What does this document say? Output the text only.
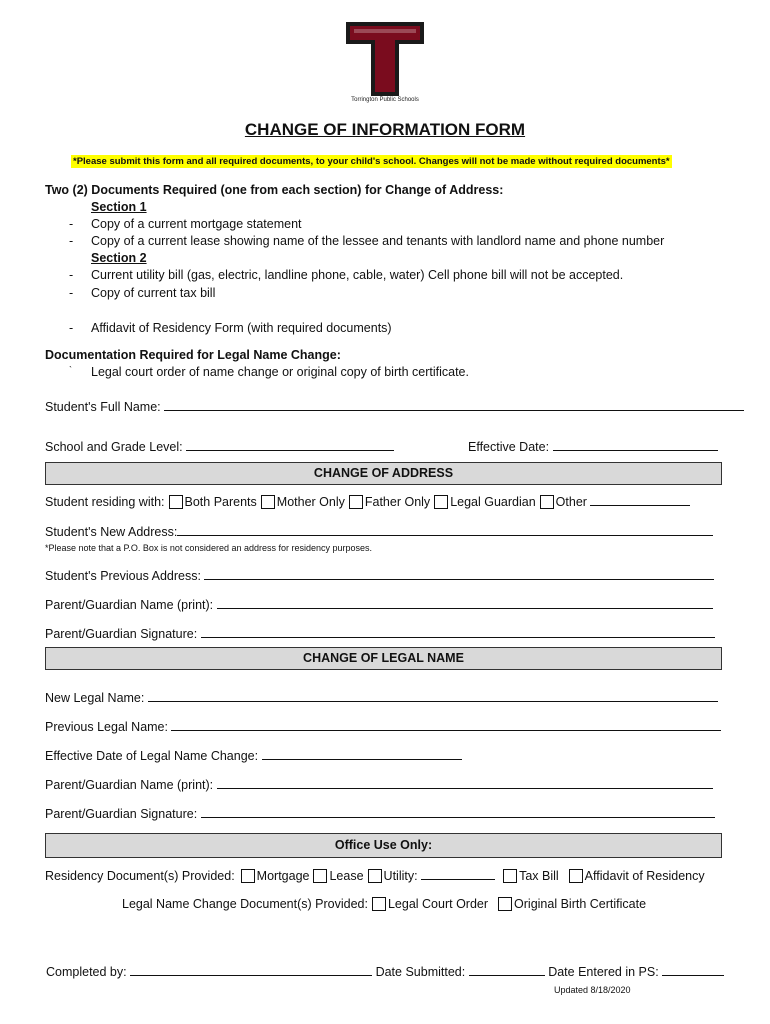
Torrington Public Schools
CHANGE OF INFORMATION FORM
*Please submit this form and all required documents, to your child's school. Changes will not be made without required documents*
Two (2) Documents Required (one from each section) for Change of Address:
Section 1
- Copy of a current mortgage statement
- Copy of a current lease showing name of the lessee and tenants with landlord name and phone number
Section 2
- Current utility bill (gas, electric, landline phone, cable, water) Cell phone bill will not be accepted.
- Copy of current tax bill
- Affidavit of Residency Form (with required documents)
Documentation Required for Legal Name Change:
` Legal court order of name change or original copy of birth certificate.
Student's Full Name:
School and Grade Level:	Effective Date:
CHANGE OF ADDRESS
Student residing with: Both Parents Mother Only Father Only Legal Guardian Other
Student's New Address:
*Please note that a P.O. Box is not considered an address for residency purposes.
Student's Previous Address:
Parent/Guardian Name (print):
Parent/Guardian Signature:
CHANGE OF LEGAL NAME
New Legal Name:
Previous Legal Name:
Effective Date of Legal Name Change:
Parent/Guardian Name (print):
Parent/Guardian Signature:
Office Use Only:
Residency Document(s) Provided: Mortgage Lease Utility:	Tax Bill Affidavit of Residency
Legal Name Change Document(s) Provided: Legal Court Order Original Birth Certificate
Completed by:	Date Submitted:	Date Entered in PS:
Updated 8/18/2020
